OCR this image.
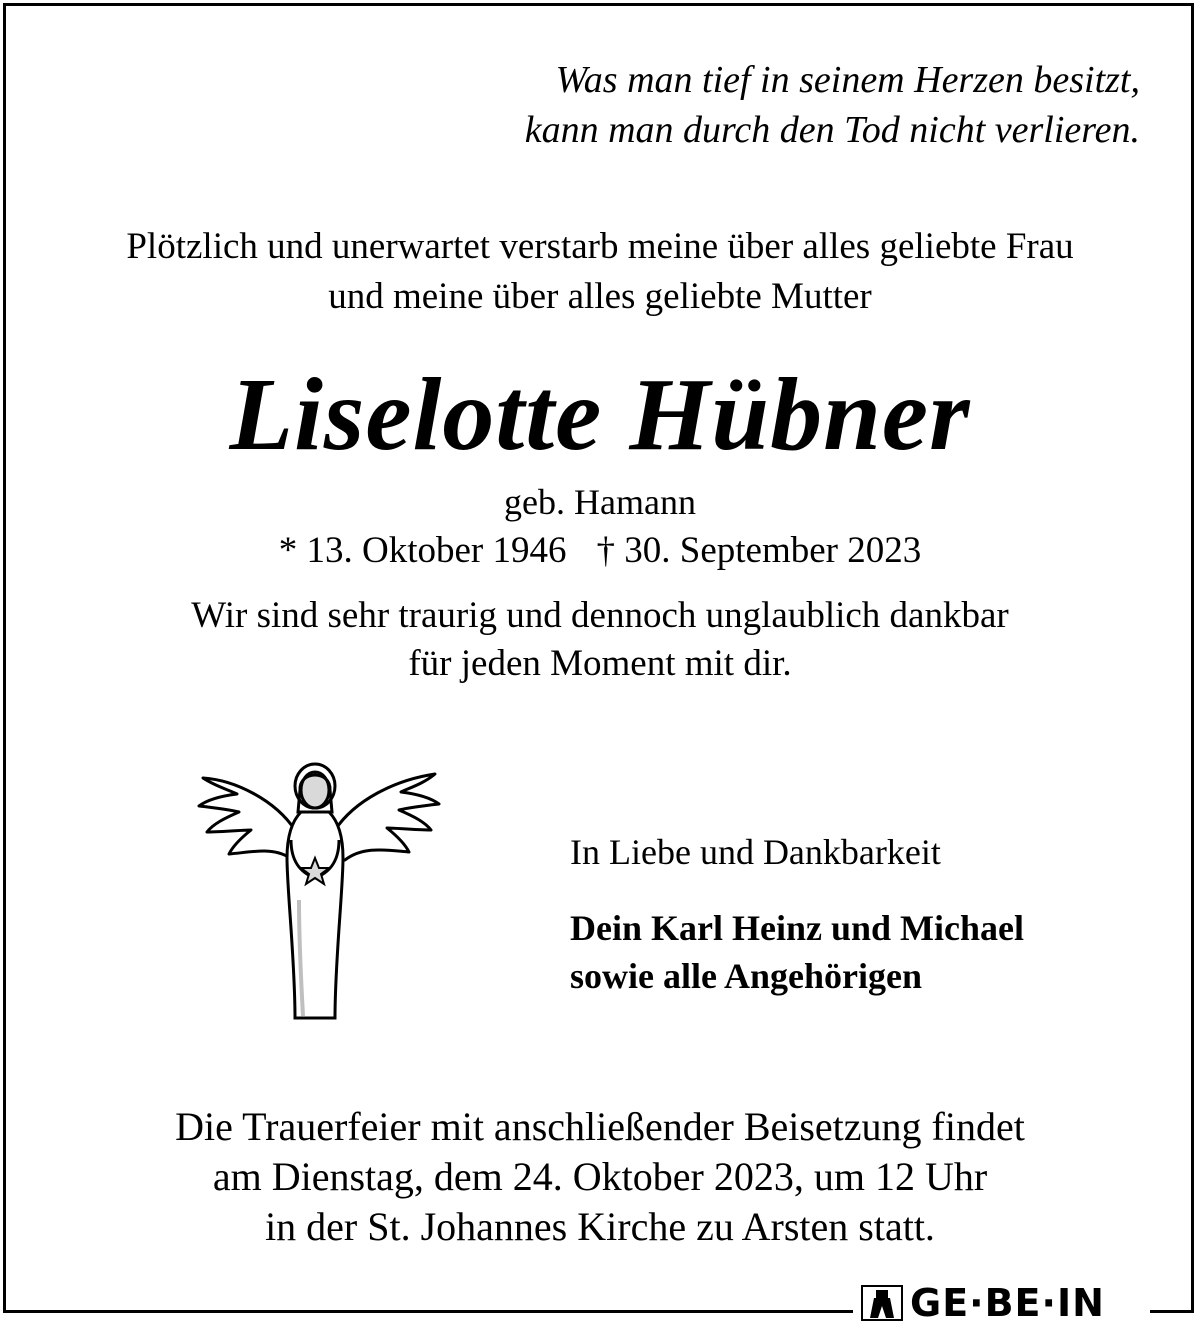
Was man tief in seinem Herzen besitzt,
kann man durch den Tod nicht verlieren.
Plötzlich und unerwartet verstarb meine über alles geliebte Frau
und meine über alles geliebte Mutter
Liselotte Hübner
geb. Hamann
* 13. Oktober 1946 † 30. September 2023
Wir sind sehr traurig und dennoch unglaublich dankbar
für jeden Moment mit dir.
In Liebe und Dankbarkeit
Dein Karl Heinz und Michael
sowie alle Angehörigen
Die Trauerfeier mit anschließender Beisetzung findet
am Dienstag, dem 24. Oktober 2023, um 12 Uhr
in der St. Johannes Kirche zu Arsten statt.
GE·BE·IN
